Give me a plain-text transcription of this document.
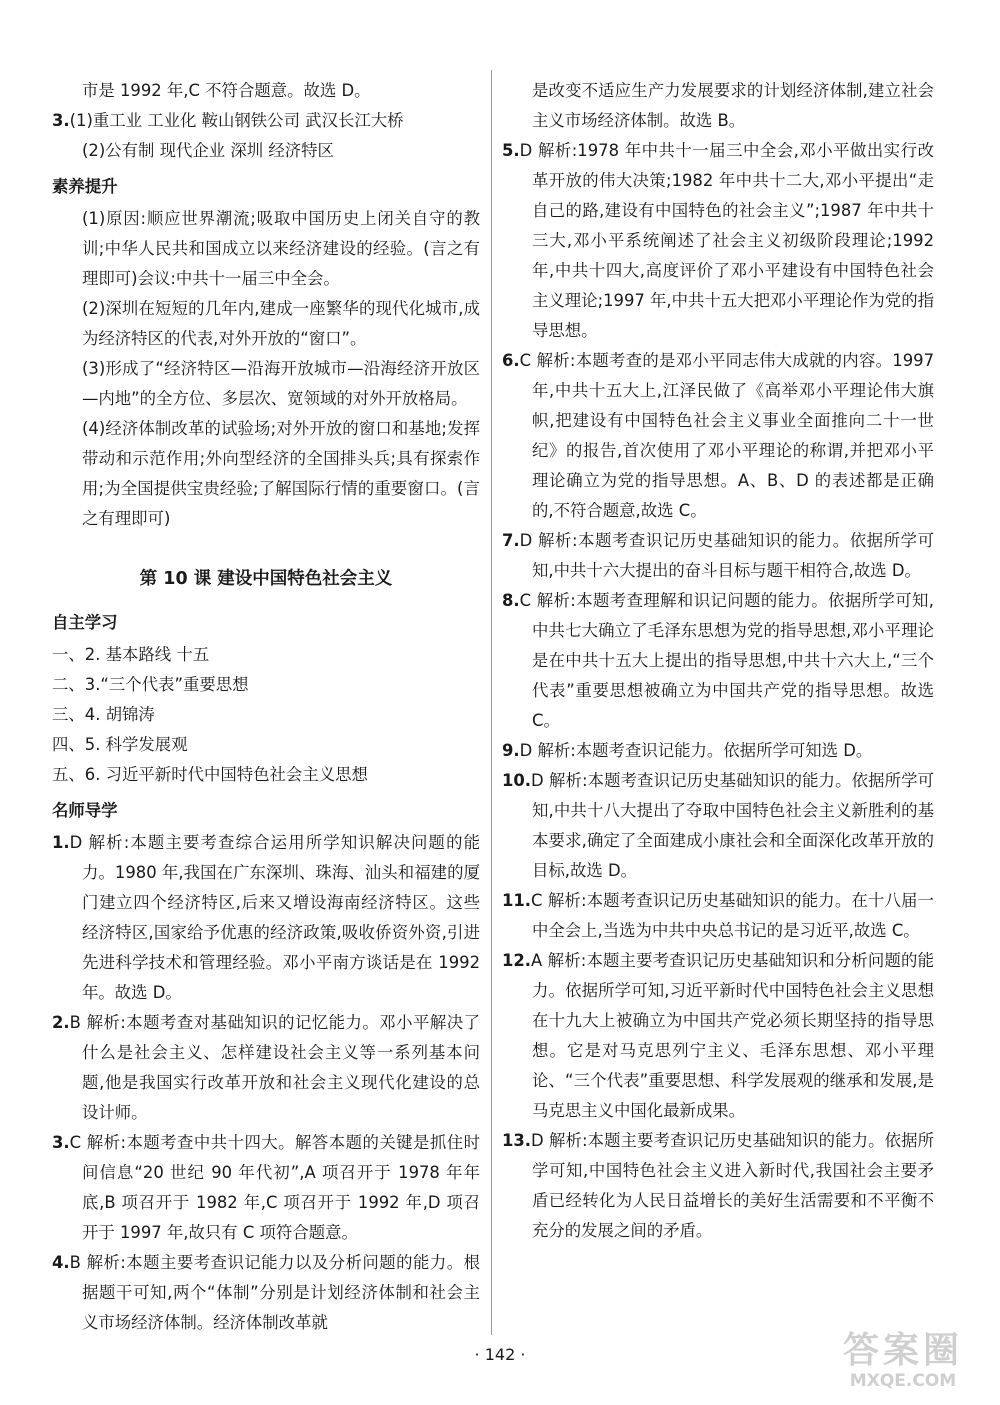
市是 1992 年,C 不符合题意。故选 D。

3.(1)重工业 工业化 鞍山钢铁公司 武汉长江大桥

(2)公有制 现代企业 深圳 经济特区

素养提升

(1)原因:顺应世界潮流;吸取中国历史上闭关自守的教训;中华人民共和国成立以来经济建设的经验。(言之有理即可)会议:中共十一届三中全会。

(2)深圳在短短的几年内,建成一座繁华的现代化城市,成为经济特区的代表,对外开放的“窗口”。

(3)形成了“经济特区—沿海开放城市—沿海经济开放区—内地”的全方位、多层次、宽领域的对外开放格局。

(4)经济体制改革的试验场;对外开放的窗口和基地;发挥带动和示范作用;外向型经济的全国排头兵;具有探索作用;为全国提供宝贵经验;了解国际行情的重要窗口。(言之有理即可)

第 10 课 建设中国特色社会主义
自主学习

一、2. 基本路线 十五

二、3.“三个代表”重要思想

三、4. 胡锦涛

四、5. 科学发展观

五、6. 习近平新时代中国特色社会主义思想

名师导学
1.D 解析:本题主要考查综合运用所学知识解决问题的能力。1980 年,我国在广东深圳、珠海、汕头和福建的厦门建立四个经济特区,后来又增设海南经济特区。这些经济特区,国家给予优惠的经济政策,吸收侨资外资,引进先进科学技术和管理经验。邓小平南方谈话是在 1992 年。故选 D。
2.B 解析:本题考查对基础知识的记忆能力。邓小平解决了什么是社会主义、怎样建设社会主义等一系列基本问题,他是我国实行改革开放和社会主义现代化建设的总设计师。
3.C 解析:本题考查中共十四大。解答本题的关键是抓住时间信息“20 世纪 90 年代初”,A 项召开于 1978 年年底,B 项召开于 1982 年,C 项召开于 1992 年,D 项召开于 1997 年,故只有 C 项符合题意。
4.B 解析:本题主要考查识记能力以及分析问题的能力。根据题干可知,两个“体制”分别是计划经济体制和社会主义市场经济体制。经济体制改革就

是改变不适应生产力发展要求的计划经济体制,建立社会主义市场经济体制。故选 B。

5.D 解析:1978 年中共十一届三中全会,邓小平做出实行改革开放的伟大决策;1982 年中共十二大,邓小平提出“走自己的路,建设有中国特色的社会主义”;1987 年中共十三大,邓小平系统阐述了社会主义初级阶段理论;1992 年,中共十四大,高度评价了邓小平建设有中国特色社会主义理论;1997 年,中共十五大把邓小平理论作为党的指导思想。
6.C 解析:本题考查的是邓小平同志伟大成就的内容。1997 年,中共十五大上,江泽民做了《高举邓小平理论伟大旗帜,把建设有中国特色社会主义事业全面推向二十一世纪》的报告,首次使用了邓小平理论的称谓,并把邓小平理论确立为党的指导思想。A、B、D 的表述都是正确的,不符合题意,故选 C。
7.D 解析:本题考查识记历史基础知识的能力。依据所学可知,中共十六大提出的奋斗目标与题干相符合,故选 D。
8.C 解析:本题考查理解和识记问题的能力。依据所学可知,中共七大确立了毛泽东思想为党的指导思想,邓小平理论是在中共十五大上提出的指导思想,中共十六大上,“三个代表”重要思想被确立为中国共产党的指导思想。故选 C。
9.D 解析:本题考查识记能力。依据所学可知选 D。
10.D 解析:本题考查识记历史基础知识的能力。依据所学可知,中共十八大提出了夺取中国特色社会主义新胜利的基本要求,确定了全面建成小康社会和全面深化改革开放的目标,故选 D。
11.C 解析:本题考查识记历史基础知识的能力。在十八届一中全会上,当选为中共中央总书记的是习近平,故选 C。
12.A 解析:本题主要考查识记历史基础知识和分析问题的能力。依据所学可知,习近平新时代中国特色社会主义思想在十九大上被确立为中国共产党必须长期坚持的指导思想。它是对马克思列宁主义、毛泽东思想、邓小平理论、“三个代表”重要思想、科学发展观的继承和发展,是马克思主义中国化最新成果。
13.D 解析:本题主要考查识记历史基础知识的能力。依据所学可知,中国特色社会主义进入新时代,我国社会主要矛盾已经转化为人民日益增长的美好生活需要和不平衡不充分的发展之间的矛盾。
· 142 ·	答案圈
MXQE.COM
